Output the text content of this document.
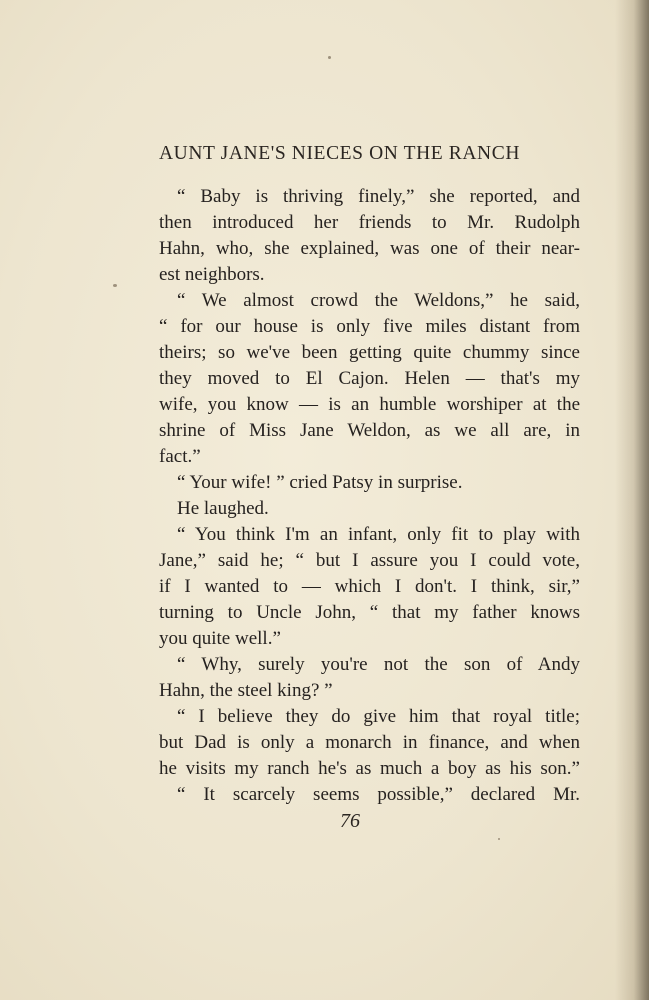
AUNT JANE'S NIECES ON THE RANCH
“ Baby is thriving finely,” she reported, and
then introduced her friends to Mr. Rudolph
Hahn, who, she explained, was one of their near-
est neighbors.
“ We almost crowd the Weldons,” he said,
“ for our house is only five miles distant from
theirs; so we've been getting quite chummy since
they moved to El Cajon. Helen — that's my
wife, you know — is an humble worshiper at the
shrine of Miss Jane Weldon, as we all are, in
fact.”
“ Your wife! ” cried Patsy in surprise.
He laughed.
“ You think I'm an infant, only fit to play with
Jane,” said he; “ but I assure you I could vote,
if I wanted to — which I don't. I think, sir,”
turning to Uncle John, “ that my father knows
you quite well.”
“ Why, surely you're not the son of Andy
Hahn, the steel king? ”
“ I believe they do give him that royal title;
but Dad is only a monarch in finance, and when
he visits my ranch he's as much a boy as his son.”
“ It scarcely seems possible,” declared Mr.
76
